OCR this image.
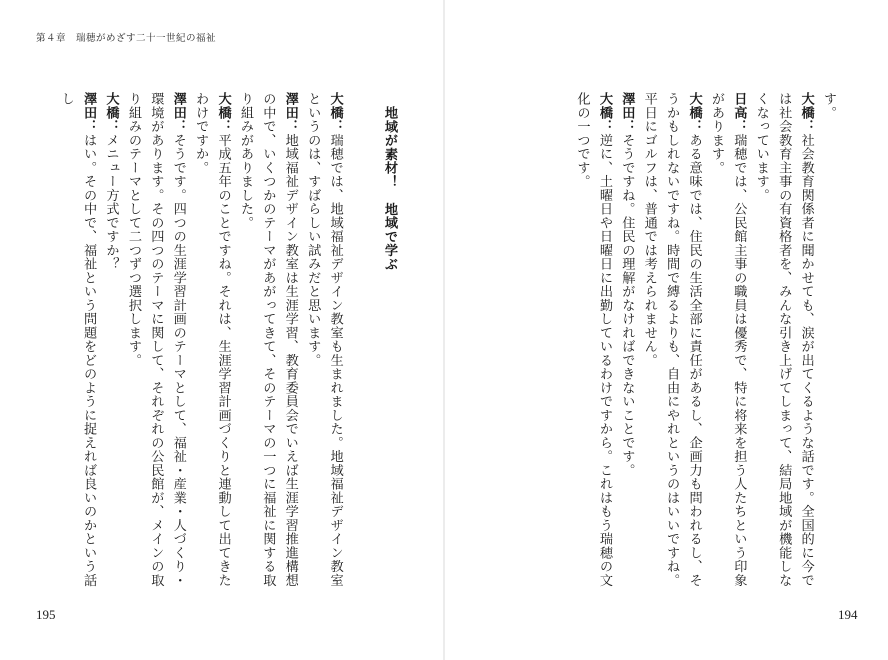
第４章　瑞穂がめざす二十一世紀の福祉

す。

大橋：社会教育関係者に聞かせても、涙が出てくるような話です。全国的に今では社会教育主事の有資格者を、みんな引き上げてしまって、結局地域が機能しなくなっています。

日高：瑞穂では、公民館主事の職員は優秀で、特に将来を担う人たちという印象があります。

大橋：ある意味では、住民の生活全部に責任があるし、企画力も問われるし、そうかもしれないですね。時間で縛るよりも、自由にやれというのはいいですね。平日にゴルフは、普通では考えられません。

澤田：そうですね。住民の理解がなければできないことです。

大橋：逆に、土曜日や日曜日に出勤しているわけですから。これはもう瑞穂の文化の一つです。

地域が素材！　地域で学ぶ

大橋：瑞穂では、地域福祉デザイン教室も生まれました。地域福祉デザイン教室というのは、すばらしい試みだと思います。

澤田：地域福祉デザイン教室は生涯学習、教育委員会でいえば生涯学習推進構想の中で、いくつかのテーマがあがってきて、そのテーマの一つに福祉に関する取り組みがありました。

大橋：平成五年のことですね。それは、生涯学習計画づくりと連動して出てきたわけですか。

澤田：そうです。四つの生涯学習計画のテーマとして、福祉・産業・人づくり・環境があります。その四つのテーマに関して、それぞれの公民館が、メインの取り組みのテーマとして二つずつ選択します。

大橋：メニュー方式ですか？

澤田：はい。その中で、福祉という問題をどのように捉えれば良いのかという話し

195	194
